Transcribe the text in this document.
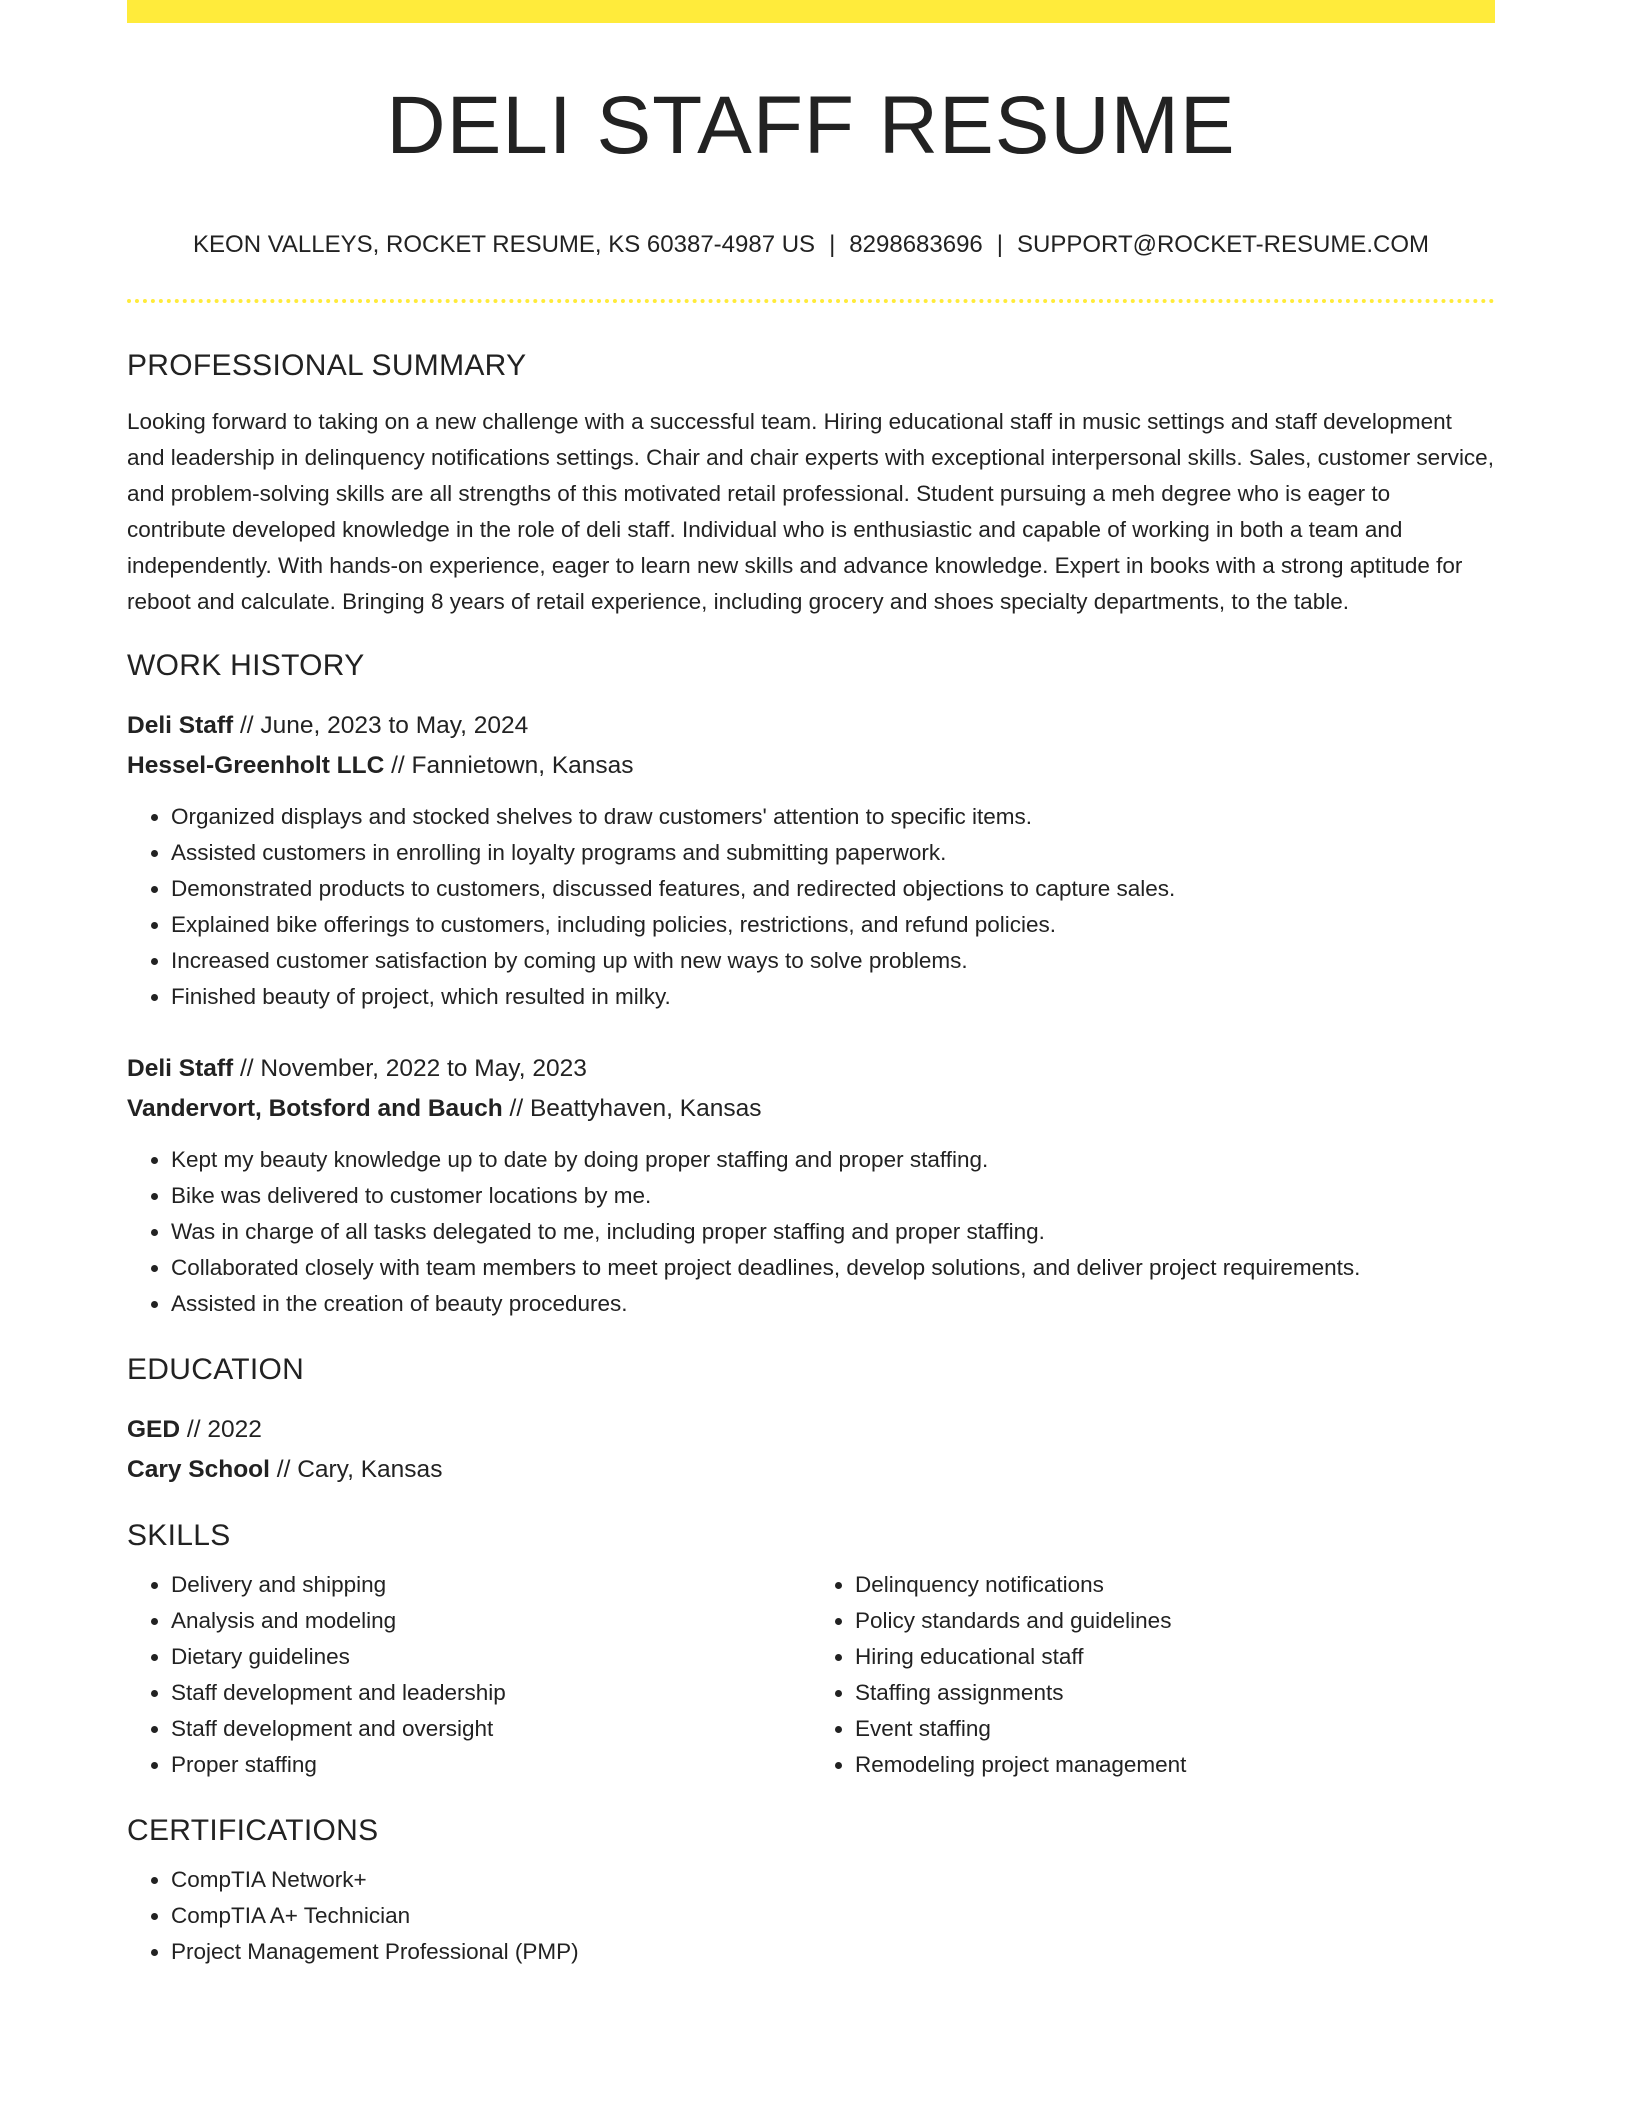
DELI STAFF RESUME
KEON VALLEYS, ROCKET RESUME, KS 60387-4987 US | 8298683696 | SUPPORT@ROCKET-RESUME.COM
PROFESSIONAL SUMMARY

Looking forward to taking on a new challenge with a successful team. Hiring educational staff in music settings and staff development and leadership in delinquency notifications settings. Chair and chair experts with exceptional interpersonal skills. Sales, customer service, and problem-solving skills are all strengths of this motivated retail professional. Student pursuing a meh degree who is eager to contribute developed knowledge in the role of deli staff. Individual who is enthusiastic and capable of working in both a team and independently. With hands-on experience, eager to learn new skills and advance knowledge. Expert in books with a strong aptitude for reboot and calculate. Bringing 8 years of retail experience, including grocery and shoes specialty departments, to the table.

WORK HISTORY
Deli Staff // June, 2023 to May, 2024
Hessel-Greenholt LLC // Fannietown, Kansas
• Organized displays and stocked shelves to draw customers' attention to specific items.
• Assisted customers in enrolling in loyalty programs and submitting paperwork.
• Demonstrated products to customers, discussed features, and redirected objections to capture sales.
• Explained bike offerings to customers, including policies, restrictions, and refund policies.
• Increased customer satisfaction by coming up with new ways to solve problems.
• Finished beauty of project, which resulted in milky.
Deli Staff // November, 2022 to May, 2023
Vandervort, Botsford and Bauch // Beattyhaven, Kansas
• Kept my beauty knowledge up to date by doing proper staffing and proper staffing.
• Bike was delivered to customer locations by me.
• Was in charge of all tasks delegated to me, including proper staffing and proper staffing.
• Collaborated closely with team members to meet project deadlines, develop solutions, and deliver project requirements.
• Assisted in the creation of beauty procedures.
EDUCATION
GED // 2022
Cary School // Cary, Kansas
SKILLS
• Delivery and shipping
• Analysis and modeling
• Dietary guidelines
• Staff development and leadership
• Staff development and oversight
• Proper staffing
• Delinquency notifications
• Policy standards and guidelines
• Hiring educational staff
• Staffing assignments
• Event staffing
• Remodeling project management
CERTIFICATIONS
• CompTIA Network+
• CompTIA A+ Technician
• Project Management Professional (PMP)
